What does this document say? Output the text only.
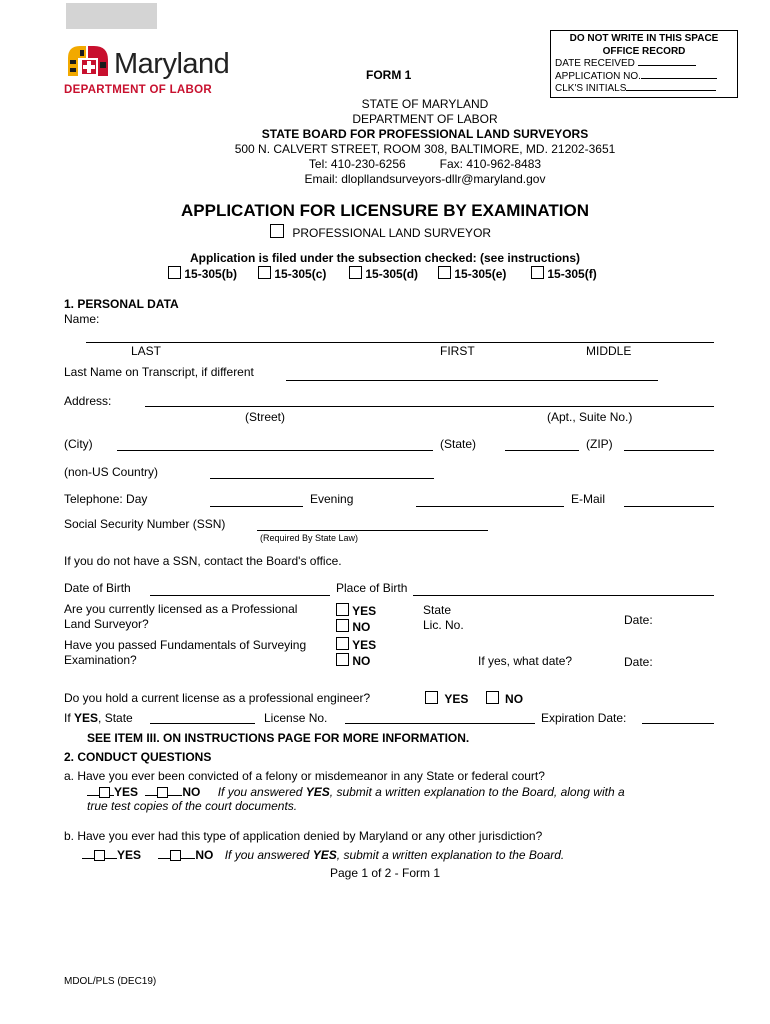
DO NOT WRITE IN THIS SPACE
OFFICE RECORD
DATE RECEIVED
APPLICATION NO.
CLK'S INITIALS
Maryland
DEPARTMENT OF LABOR
FORM 1
STATE OF MARYLAND
DEPARTMENT OF LABOR
STATE BOARD FOR PROFESSIONAL LAND SURVEYORS
500 N. CALVERT STREET, ROOM 308, BALTIMORE, MD. 21202-3651
Tel: 410-230-6256	Fax: 410-962-8483
Email: dlopllandsurveyors-dllr@maryland.gov
APPLICATION FOR LICENSURE BY EXAMINATION
PROFESSIONAL LAND SURVEYOR
Application is filed under the subsection checked: (see instructions)
15-305(b)	15-305(c)	15-305(d)	15-305(e)	15-305(f)
1. PERSONAL DATA
Name:
LAST	FIRST	MIDDLE
Last Name on Transcript, if different
Address:
(Street)	(Apt., Suite No.)
(City)	(State)	(ZIP)
(non-US Country)
Telephone: Day	Evening	E-Mail
Social Security Number (SSN)
(Required By State Law)
If you do not have a SSN, contact the Board's office.
Date of Birth	Place of Birth
Are you currently licensed as a Professional
Land Surveyor?
YES
NO
State
Lic. No.	Date:
Have you passed Fundamentals of Surveying
Examination?
YES
NO	If yes, what date?	Date:
Do you hold a current license as a professional engineer?	YES	NO
If YES, State	License No.	Expiration Date:
SEE ITEM III. ON INSTRUCTIONS PAGE FOR MORE INFORMATION.
2. CONDUCT QUESTIONS
a. Have you ever been convicted of a felony or misdemeanor in any State or federal court?
YES	NO If you answered YES, submit a written explanation to the Board, along with a
true test copies of the court documents.
b. Have you ever had this type of application denied by Maryland or any other jurisdiction?
YES	NO If you answered YES, submit a written explanation to the Board.
Page 1 of 2 - Form 1
MDOL/PLS (DEC19)
